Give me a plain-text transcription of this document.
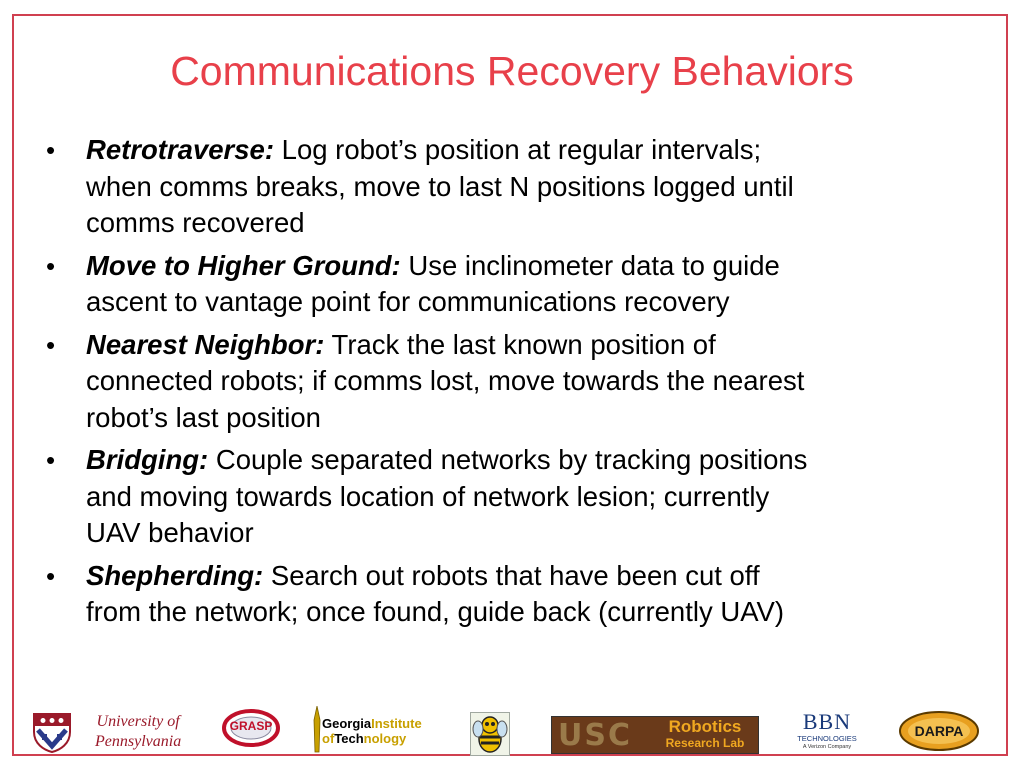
Communications Recovery Behaviors
• Retrotraverse: Log robot’s position at regular intervals;
when comms breaks, move to last N positions logged until
comms recovered
• Move to Higher Ground: Use inclinometer data to guide
ascent to vantage point for communications recovery
• Nearest Neighbor: Track the last known position of
connected robots; if comms lost, move towards the nearest
robot’s last position
• Bridging: Couple separated networks by tracking positions
and moving towards location of network lesion; currently
UAV behavior
• Shepherding: Search out robots that have been cut off
from the network; once found, guide back (currently UAV)
University of
Pennsylvania
GRASP	GeorgiaInstitute
ofTechnology	USC	Robotics
Research Lab
BBN
TECHNOLOGIES
A Verizon Company
DARPA
